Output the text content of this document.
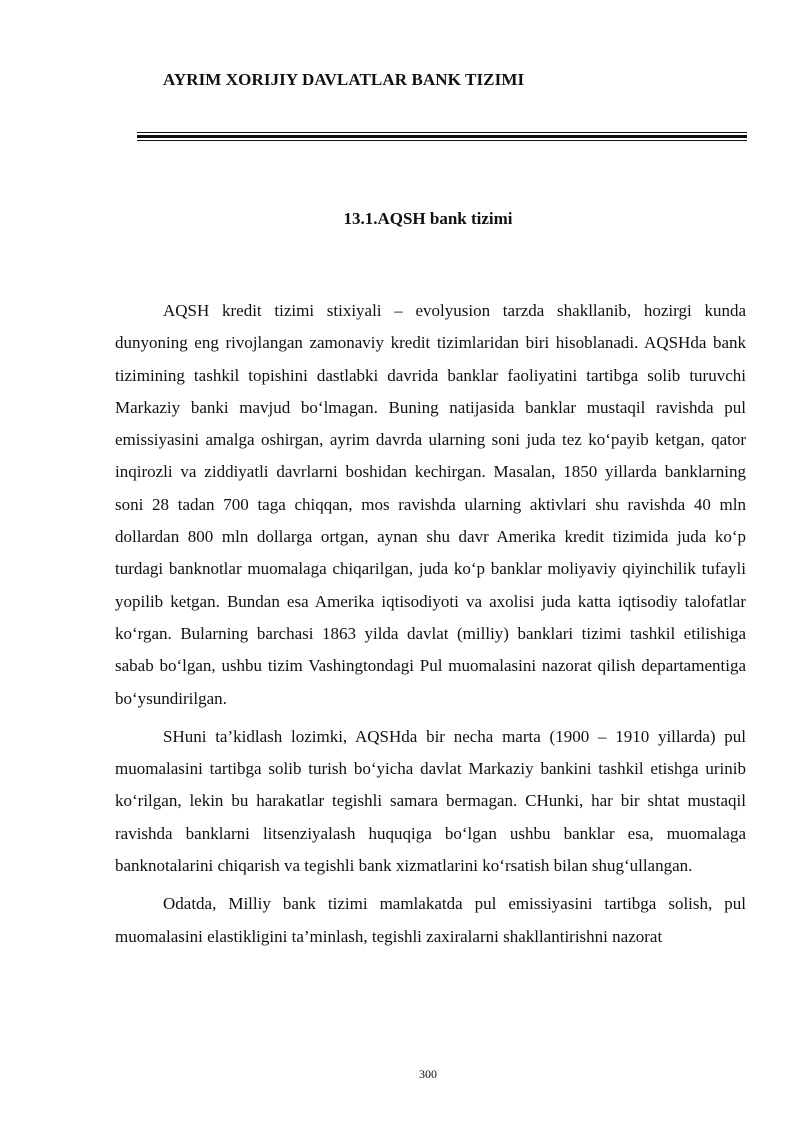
AYRIM XORIJIY DAVLATLAR BANK TIZIMI
13.1.AQSH bank tizimi

AQSH kredit tizimi stixiyali – evolyusion tarzda shakllanib, hozirgi kunda dunyoning eng rivojlangan zamonaviy kredit tizimlaridan biri hisoblanadi. AQSHda bank tizimining tashkil topishini dastlabki davrida banklar faoliyatini tartibga solib turuvchi Markaziy banki mavjud bo‘lmagan. Buning natijasida banklar mustaqil ravishda pul emissiyasini amalga oshirgan, ayrim davrda ularning soni juda tez ko‘payib ketgan, qator inqirozli va ziddiyatli davrlarni boshidan kechirgan. Masalan, 1850 yillarda banklarning soni 28 tadan 700 taga chiqqan, mos ravishda ularning aktivlari shu ravishda 40 mln dollardan 800 mln dollarga ortgan, aynan shu davr Amerika kredit tizimida juda ko‘p turdagi banknotlar muomalaga chiqarilgan, juda ko‘p banklar moliyaviy qiyinchilik tufayli yopilib ketgan. Bundan esa Amerika iqtisodiyoti va axolisi juda katta iqtisodiy talofatlar ko‘rgan. Bularning barchasi 1863 yilda davlat (milliy) banklari tizimi tashkil etilishiga sabab bo‘lgan, ushbu tizim Vashingtondagi Pul muomalasini nazorat qilish departamentiga bo‘ysundirilgan.

SHuni ta’kidlash lozimki, AQSHda bir necha marta (1900 – 1910 yillarda) pul muomalasini tartibga solib turish bo‘yicha davlat Markaziy bankini tashkil etishga urinib ko‘rilgan, lekin bu harakatlar tegishli samara bermagan. CHunki, har bir shtat mustaqil ravishda banklarni litsenziyalash huquqiga bo‘lgan ushbu banklar esa, muomalaga banknotalarini chiqarish va tegishli bank xizmatlarini ko‘rsatish bilan shug‘ullangan.

Odatda, Milliy bank tizimi mamlakatda pul emissiyasini tartibga solish, pul muomalasini elastikligini ta’minlash, tegishli zaxiralarni shakllantirishni nazorat

300
